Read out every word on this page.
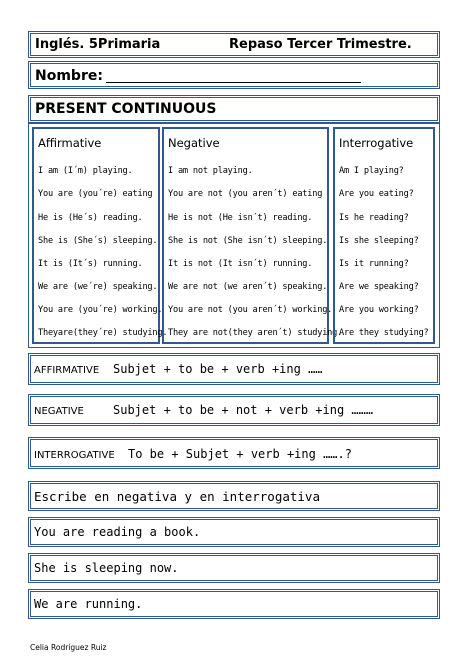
Inglés. 5Primaria	Repaso Tercer Trimestre.
Nombre:
PRESENT CONTINUOUS
Affirmative
I am (I´m) playing.
You are (you´re) eating
He is (He´s) reading.
She is (She´s) sleeping.
It is (It´s) running.
We are (we´re) speaking.
You are (you´re) working.
Theyare(they´re) studying.
Negative
I am not playing.
You are not (you aren´t) eating
He is not (He isn´t) reading.
She is not (She isn´t) sleeping.
It is not (It isn´t) running.
We are not (we aren´t) speaking.
You are not (you aren´t) working.
They are not(they aren´t) studying.
Interrogative
Am I playing?
Are you eating?
Is he reading?
Is she sleeping?
Is it running?
Are we speaking?
Are you working?
Are they studying?
AFFIRMATIVE Subjet + to be + verb +ing ……
NEGATIVE Subjet + to be + not + verb +ing ………
INTERROGATIVE To be + Subjet + verb +ing …….?
Escribe en negativa y en interrogativa
You are reading a book.
She is sleeping now.
We are running.
Celia Rodríguez Ruiz
